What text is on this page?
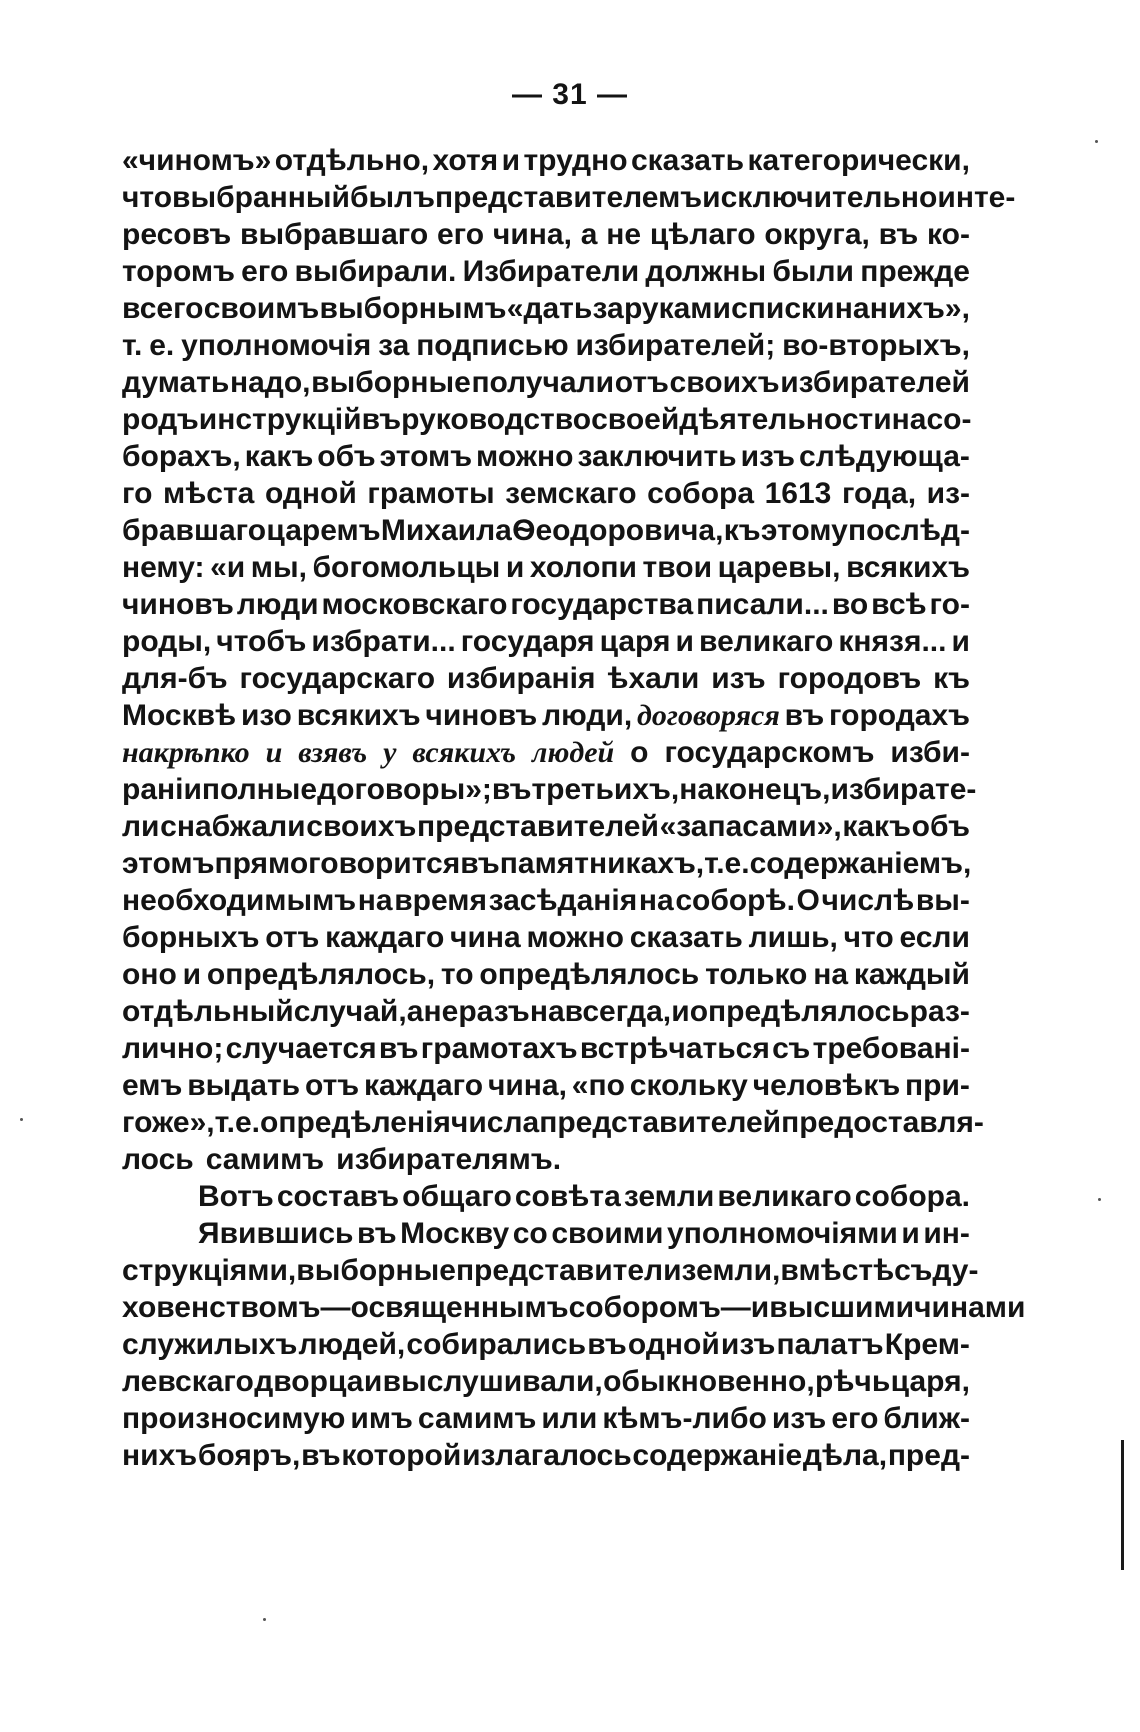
— 31 —
«чиномъ» отдѣльно, хотя и трудно сказать категорически,
что выбранный былъ представителемъ исключительно инте-
ресовъ выбравшаго его чина, а не цѣлаго округа, въ ко-
торомъ его выбирали. Избиратели должны были прежде
всего своимъ выборнымъ «дать за руками списки на нихъ»,
т. е. уполномочія за подписью избирателей; во-вторыхъ,
думать надо, выборные получали отъ своихъ избирателей
родъ инструкцій въ руководство своей дѣятельности на со-
борахъ, какъ объ этомъ можно заключить изъ слѣдующа-
го мѣста одной грамоты земскаго собора 1613 года, из-
бравшаго царемъ Михаила Ѳеодоровича, къ этому послѣд-
нему: «и мы, богомольцы и холопи твои царевы, всякихъ
чиновъ люди московскаго государства писали... во всѣ го-
роды, чтобъ избрати... государя царя и великаго князя... и
для-бъ государскаго избиранія ѣхали изъ городовъ къ
Москвѣ изо всякихъ чиновъ люди, договоряся въ городахъ
накрѣпко и взявъ у всякихъ людей о государскомъ изби-
раніи полные договоры»; въ третьихъ, наконецъ, избирате-
ли снабжали своихъ представителей «запасами», какъ объ
этомъ прямо говорится въ памятникахъ, т. е. содержаніемъ,
необходимымъ на время засѣданія на соборѣ. О числѣ вы-
борныхъ отъ каждаго чина можно сказать лишь, что если
оно и опредѣлялось, то опредѣлялось только на каждый
отдѣльный случай, а не разъ навсегда, и опредѣлялось раз-
лично; случается въ грамотахъ встрѣчаться съ требовані-
емъ выдать отъ каждаго чина, «по скольку человѣкъ при-
гоже», т. е. опредѣленія числа представителей предоставля-
лось самимъ избирателямъ.
Вотъ составъ общаго совѣта земли великаго собора.
Явившись въ Москву со своими уполномочіями и ин-
струкціями, выборные представители земли, вмѣстѣ съ ду-
ховенствомъ—освященнымъ соборомъ—и высшими чинами
служилыхъ людей, собирались въ одной изъ палатъ Крем-
левскаго дворца и выслушивали, обыкновенно, рѣчь царя,
произносимую имъ самимъ или кѣмъ-либо изъ его ближ-
нихъ бояръ, въ которой излагалось содержаніе дѣла, пред-
